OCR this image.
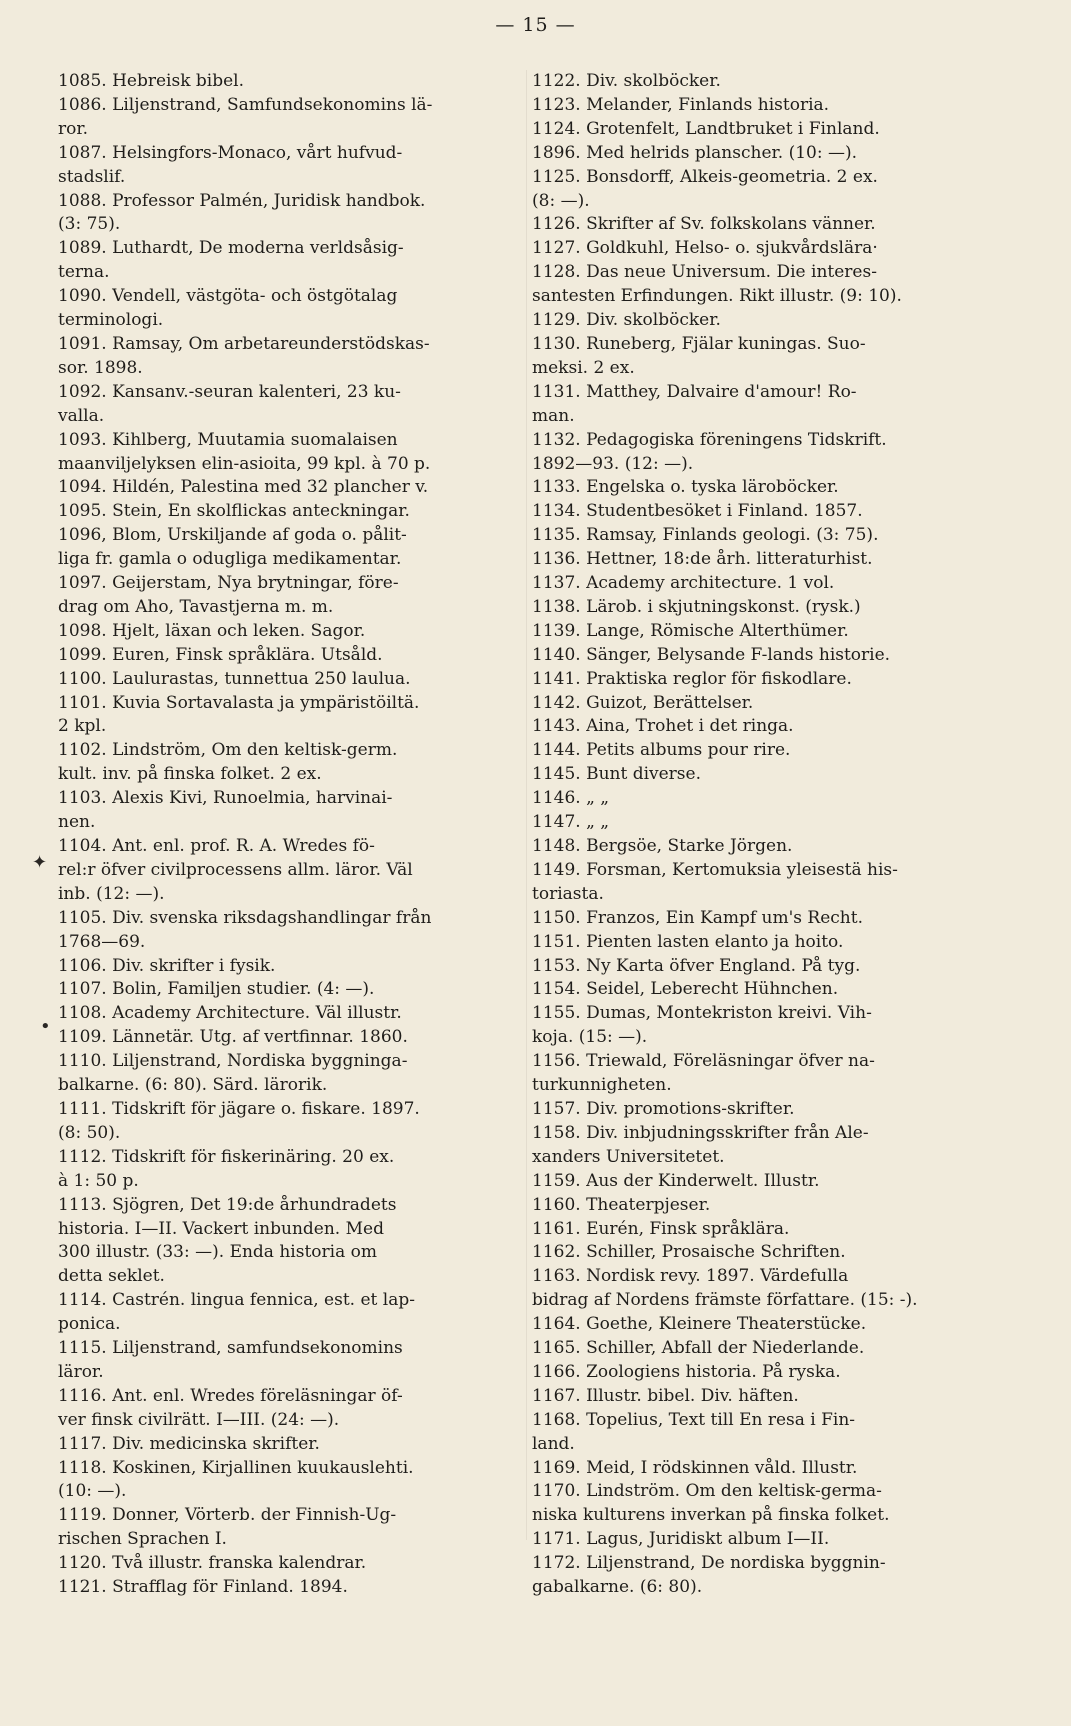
— 15 —
✦
•
1085. Hebreisk bibel.
1086. Liljenstrand, Samfundsekonomins lä-
ror.
1087. Helsingfors-Monaco, vårt hufvud-
stadslif.
1088. Professor Palmén, Juridisk handbok.
(3: 75).
1089. Luthardt, De moderna verldsåsig-
terna.
1090. Vendell, västgöta- och östgötalag
terminologi.
1091. Ramsay, Om arbetareunderstödskas-
sor. 1898.
1092. Kansanv.-seuran kalenteri, 23 ku-
valla.
1093. Kihlberg, Muutamia suomalaisen
maanviljelyksen elin-asioita, 99 kpl. à 70 p.
1094. Hildén, Palestina med 32 plancher v.
1095. Stein, En skolflickas anteckningar.
1096, Blom, Urskiljande af goda o. pålit-
liga fr. gamla o odugliga medikamentar.
1097. Geijerstam, Nya brytningar, före-
drag om Aho, Tavastjerna m. m.
1098. Hjelt, läxan och leken. Sagor.
1099. Euren, Finsk språklära. Utsåld.
1100. Laulurastas, tunnettua 250 laulua.
1101. Kuvia Sortavalasta ja ympäristöiltä.
2 kpl.
1102. Lindström, Om den keltisk-germ.
kult. inv. på finska folket. 2 ex.
1103. Alexis Kivi, Runoelmia, harvinai-
nen.
1104. Ant. enl. prof. R. A. Wredes fö-
rel:r öfver civilprocessens allm. läror. Väl
inb. (12: —).
1105. Div. svenska riksdagshandlingar från
1768—69.
1106. Div. skrifter i fysik.
1107. Bolin, Familjen studier. (4: —).
1108. Academy Architecture. Väl illustr.
1109. Lännetär. Utg. af vertfinnar. 1860.
1110. Liljenstrand, Nordiska byggninga-
balkarne. (6: 80). Särd. lärorik.
1111. Tidskrift för jägare o. fiskare. 1897.
(8: 50).
1112. Tidskrift för fiskerinäring. 20 ex.
à 1: 50 p.
1113. Sjögren, Det 19:de århundradets
historia. I—II. Vackert inbunden. Med
300 illustr. (33: —). Enda historia om
detta seklet.
1114. Castrén. lingua fennica, est. et lap-
ponica.
1115. Liljenstrand, samfundsekonomins
läror.
1116. Ant. enl. Wredes föreläsningar öf-
ver finsk civilrätt. I—III. (24: —).
1117. Div. medicinska skrifter.
1118. Koskinen, Kirjallinen kuukauslehti.
(10: —).
1119. Donner, Vörterb. der Finnish-Ug-
rischen Sprachen I.
1120. Två illustr. franska kalendrar.
1121. Strafflag för Finland. 1894.
1122. Div. skolböcker.
1123. Melander, Finlands historia.
1124. Grotenfelt, Landtbruket i Finland.
1896. Med helrids planscher. (10: —).
1125. Bonsdorff, Alkeis-geometria. 2 ex.
(8: —).
1126. Skrifter af Sv. folkskolans vänner.
1127. Goldkuhl, Helso- o. sjukvårdslära·
1128. Das neue Universum. Die interes-
santesten Erfindungen. Rikt illustr. (9: 10).
1129. Div. skolböcker.
1130. Runeberg, Fjälar kuningas. Suo-
meksi. 2 ex.
1131. Matthey, Dalvaire d'amour! Ro-
man.
1132. Pedagogiska föreningens Tidskrift.
1892—93. (12: —).
1133. Engelska o. tyska läroböcker.
1134. Studentbesöket i Finland. 1857.
1135. Ramsay, Finlands geologi. (3: 75).
1136. Hettner, 18:de årh. litteraturhist.
1137. Academy architecture. 1 vol.
1138. Lärob. i skjutningskonst. (rysk.)
1139. Lange, Römische Alterthümer.
1140. Sänger, Belysande F-lands historie.
1141. Praktiska reglor för fiskodlare.
1142. Guizot, Berättelser.
1143. Aina, Trohet i det ringa.
1144. Petits albums pour rire.
1145. Bunt diverse.
1146. „ „
1147. „ „
1148. Bergsöe, Starke Jörgen.
1149. Forsman, Kertomuksia yleisestä his-
toriasta.
1150. Franzos, Ein Kampf um's Recht.
1151. Pienten lasten elanto ja hoito.
1153. Ny Karta öfver England. På tyg.
1154. Seidel, Leberecht Hühnchen.
1155. Dumas, Montekriston kreivi. Vih-
koja. (15: —).
1156. Triewald, Föreläsningar öfver na-
turkunnigheten.
1157. Div. promotions-skrifter.
1158. Div. inbjudningsskrifter från Ale-
xanders Universitetet.
1159. Aus der Kinderwelt. Illustr.
1160. Theaterpjeser.
1161. Eurén, Finsk språklära.
1162. Schiller, Prosaische Schriften.
1163. Nordisk revy. 1897. Värdefulla
bidrag af Nordens främste författare. (15: -).
1164. Goethe, Kleinere Theaterstücke.
1165. Schiller, Abfall der Niederlande.
1166. Zoologiens historia. På ryska.
1167. Illustr. bibel. Div. häften.
1168. Topelius, Text till En resa i Fin-
land.
1169. Meid, I rödskinnen våld. Illustr.
1170. Lindström. Om den keltisk-germa-
niska kulturens inverkan på finska folket.
1171. Lagus, Juridiskt album I—II.
1172. Liljenstrand, De nordiska byggnin-
gabalkarne. (6: 80).
